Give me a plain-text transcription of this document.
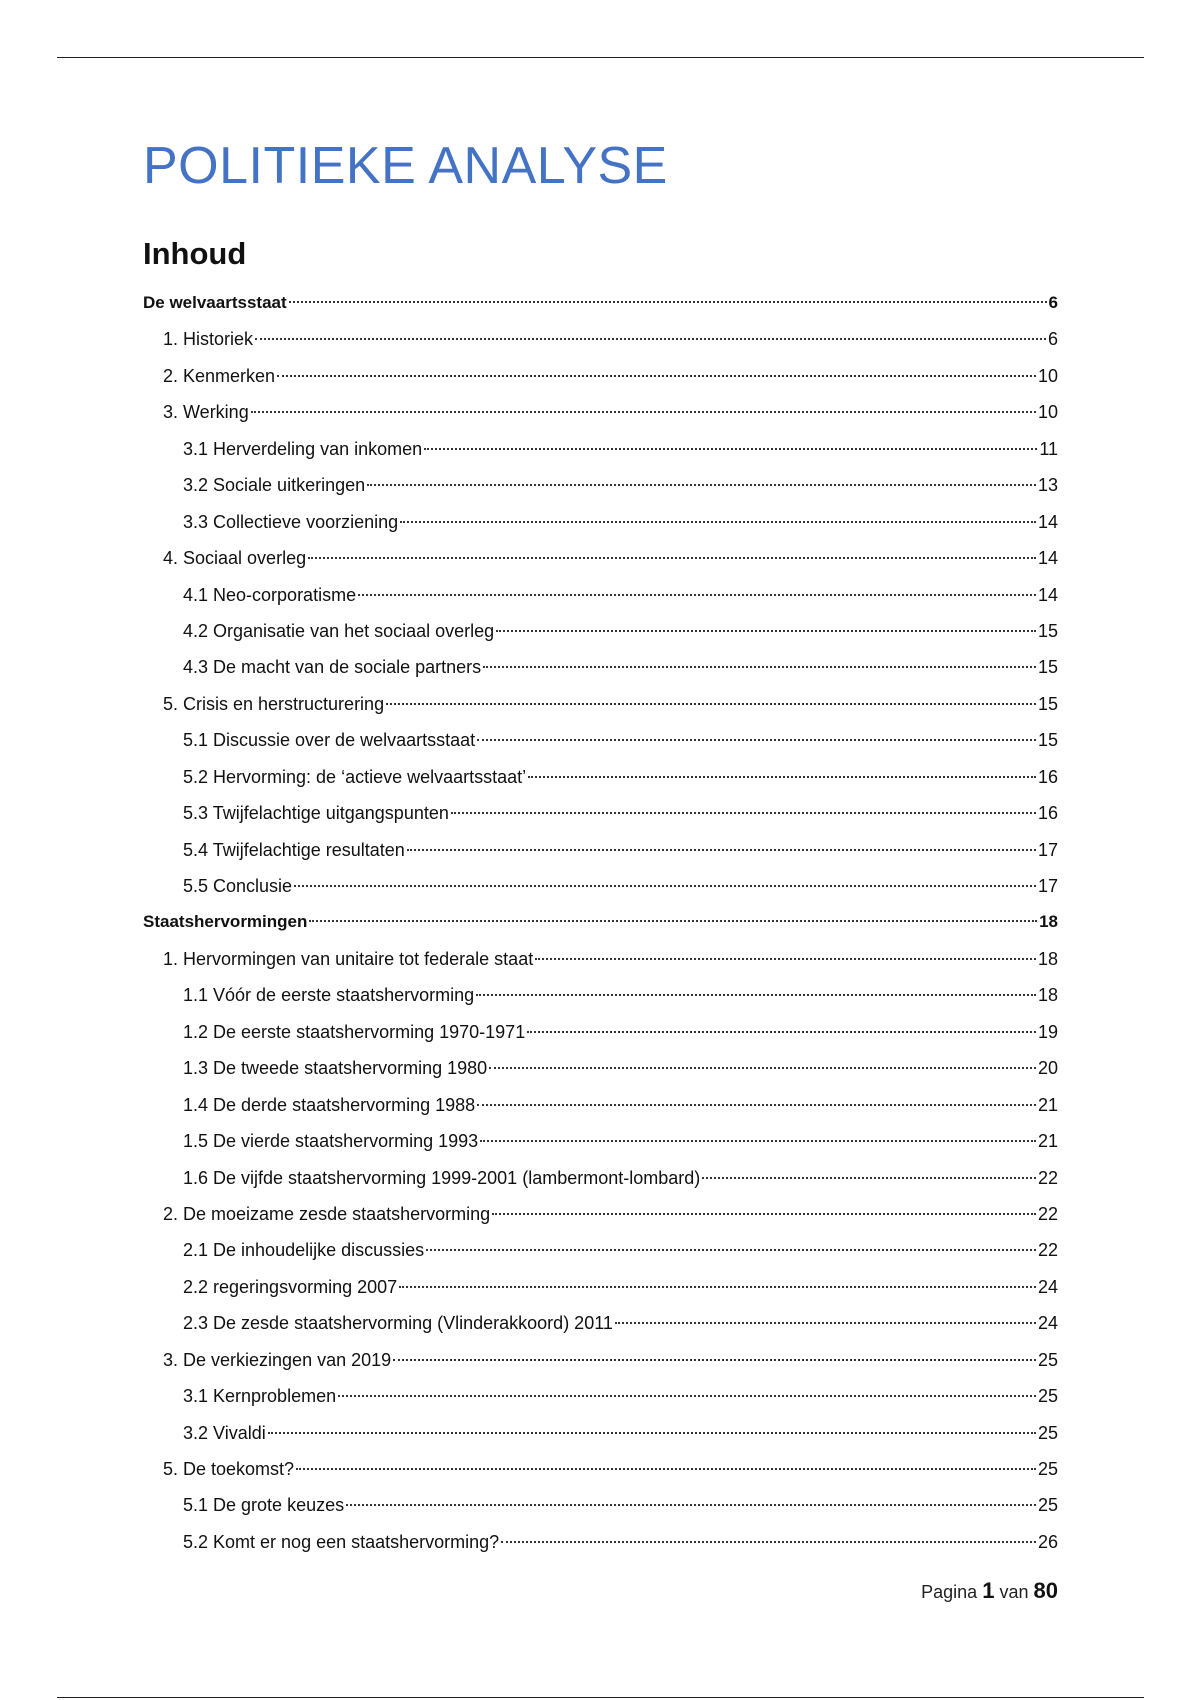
POLITIEKE ANALYSE
Inhoud
De welvaartsstaat	6
1. Historiek	6
2. Kenmerken	10
3. Werking	10
3.1 Herverdeling van inkomen	11
3.2 Sociale uitkeringen	13
3.3 Collectieve voorziening	14
4. Sociaal overleg	14
4.1 Neo-corporatisme	14
4.2 Organisatie van het sociaal overleg	15
4.3 De macht van de sociale partners	15
5. Crisis en herstructurering	15
5.1 Discussie over de welvaartsstaat	15
5.2 Hervorming: de ‘actieve welvaartsstaat’	16
5.3 Twijfelachtige uitgangspunten	16
5.4 Twijfelachtige resultaten	17
5.5 Conclusie	17
Staatshervormingen	18
1. Hervormingen van unitaire tot federale staat	18
1.1 Vóór de eerste staatshervorming	18
1.2 De eerste staatshervorming 1970-1971	19
1.3 De tweede staatshervorming 1980	20
1.4 De derde staatshervorming 1988	21
1.5 De vierde staatshervorming 1993	21
1.6 De vijfde staatshervorming 1999-2001 (lambermont-lombard)	22
2. De moeizame zesde staatshervorming	22
2.1 De inhoudelijke discussies	22
2.2 regeringsvorming 2007	24
2.3 De zesde staatshervorming (Vlinderakkoord) 2011	24
3. De verkiezingen van 2019	25
3.1 Kernproblemen	25
3.2 Vivaldi	25
5. De toekomst?	25
5.1 De grote keuzes	25
5.2 Komt er nog een staatshervorming?	26
Pagina 1 van 80
